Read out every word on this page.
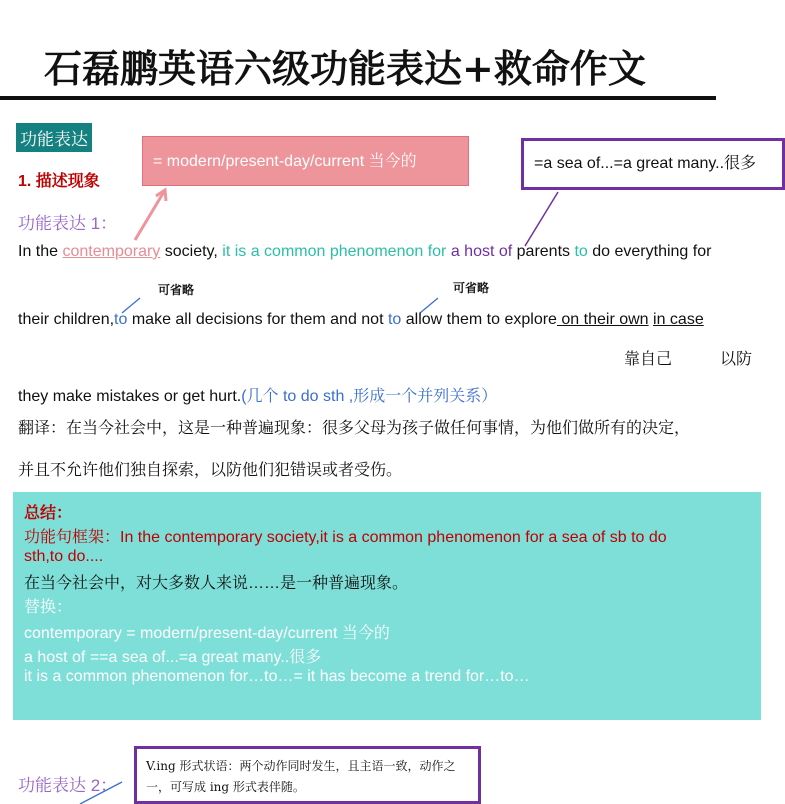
石磊鹏英语六级功能表达+救命作文
功能表达
1. 描述现象
= modern/present-day/current 当今的	=a sea of...=a great many..很多
功能表达 1：
In the contemporary society, it is a common phenomenon for a host of parents to do everything for
可省略	可省略
their children,to make all decisions for them and not to allow them to explore on their own in case
靠自己	以防
they make mistakes or get hurt.(几个 to do sth ,形成一个并列关系）
翻译：在当今社会中，这是一种普遍现象：很多父母为孩子做任何事情，为他们做所有的决定，
并且不允许他们独自探索，以防他们犯错误或者受伤。
总结：
功能句框架：In the contemporary society,it is a common phenomenon for a sea of sb to do
sth,to do....
在当今社会中，对大多数人来说……是一种普遍现象。
替换：
contemporary = modern/present-day/current 当今的
a host of ==a sea of...=a great many..很多
it is a common phenomenon for…to…= it has become a trend for…to…
功能表达 2：
V.ing 形式状语：两个动作同时发生，且主语一致，动作之一，可写成 ing 形式表伴随。
